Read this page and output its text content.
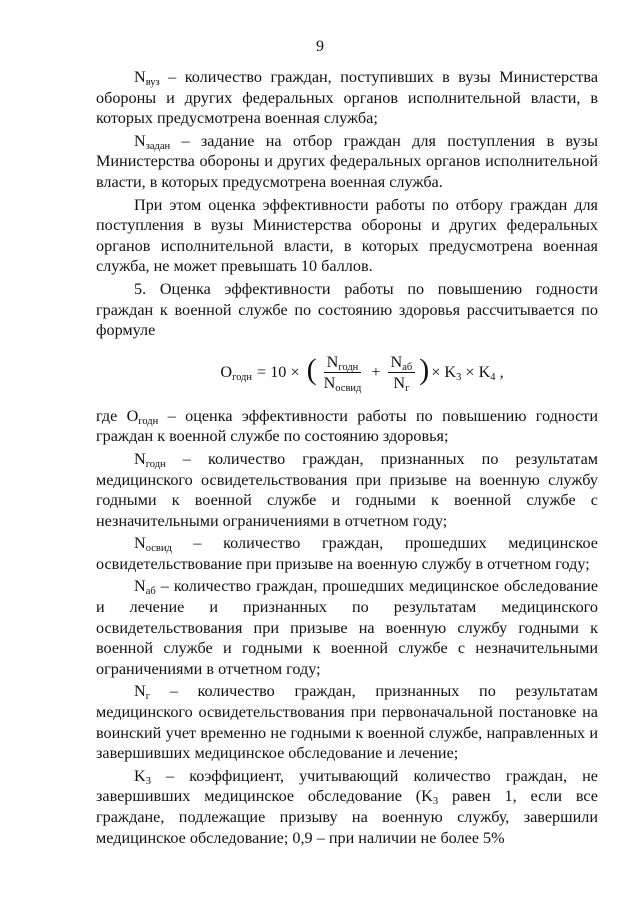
9

$N_{вуз}$ – количество граждан, поступивших в вузы Министерства обороны и других федеральных органов исполнительной власти, в которых предусмотрена военная служба;

$N_{задан}$ – задание на отбор граждан для поступления в вузы Министерства обороны и других федеральных органов исполнительной власти, в которых предусмотрена военная служба.

При этом оценка эффективности работы по отбору граждан для поступления в вузы Министерства обороны и других федеральных органов исполнительной власти, в которых предусмотрена военная служба, не может превышать 10 баллов.

5. Оценка эффективности работы по повышению годности граждан к военной службе по состоянию здоровья рассчитывается по формуле

$O_{годн} = 10$ × ( $\frac{N_{годн}}{N_{освид}} + \frac{N_{аб}}{N_г}$ ) × $K_3 \times K_4$ ,

где $O_{годн}$ – оценка эффективности работы по повышению годности граждан к военной службе по состоянию здоровья;

$N_{годн}$ – количество граждан, признанных по результатам медицинского освидетельствования при призыве на военную службу годными к военной службе и годными к военной службе с незначительными ограничениями в отчетном году;

$N_{освид}$ – количество граждан, прошедших медицинское освидетельствование при призыве на военную службу в отчетном году;

$N_{аб}$ – количество граждан, прошедших медицинское обследование и лечение и признанных по результатам медицинского освидетельствования при призыве на военную службу годными к военной службе и годными к военной службе с незначительными ограничениями в отчетном году;

$N_г$ – количество граждан, признанных по результатам медицинского освидетельствования при первоначальной постановке на воинский учет временно не годными к военной службе, направленных и завершивших медицинское обследование и лечение;

$K_3$ – коэффициент, учитывающий количество граждан, не завершивших медицинское обследование ($K_3$ равен 1, если все граждане, подлежащие призыву на военную службу, завершили медицинское обследование; 0,9 – при наличии не более 5%
